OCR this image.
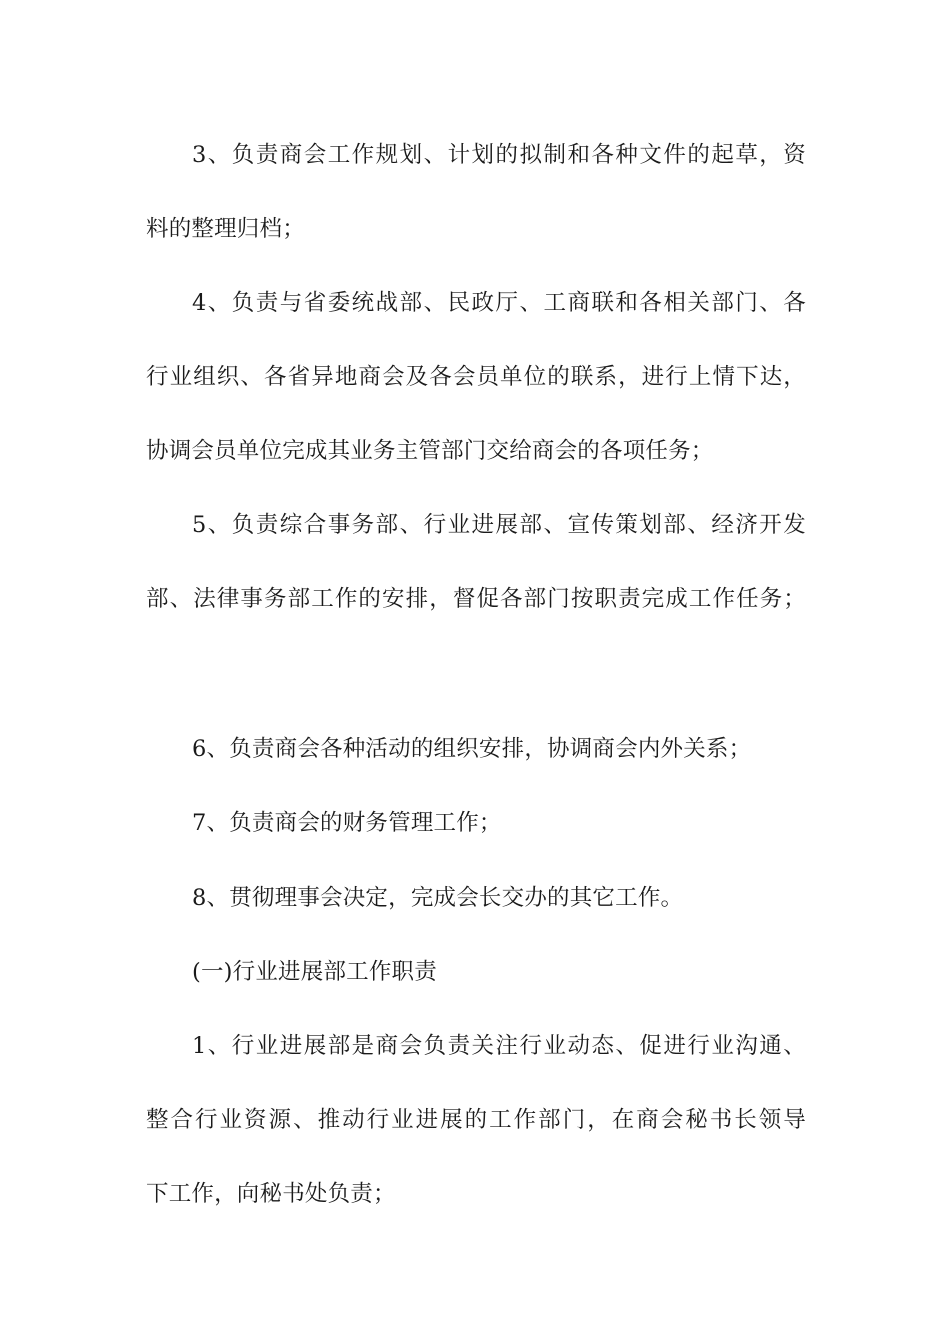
3、负责商会工作规划、计划的拟制和各种文件的起草，资
料的整理归档；
4、负责与省委统战部、民政厅、工商联和各相关部门、各
行业组织、各省异地商会及各会员单位的联系，进行上情下达，
协调会员单位完成其业务主管部门交给商会的各项任务；
5、负责综合事务部、行业进展部、宣传策划部、经济开发
部、法律事务部工作的安排，督促各部门按职责完成工作任务；
6、负责商会各种活动的组织安排，协调商会内外关系；
7、负责商会的财务管理工作；
8、贯彻理事会决定，完成会长交办的其它工作。
(一)行业进展部工作职责
1、行业进展部是商会负责关注行业动态、促进行业沟通、
整合行业资源、推动行业进展的工作部门，在商会秘书长领导
下工作，向秘书处负责；
